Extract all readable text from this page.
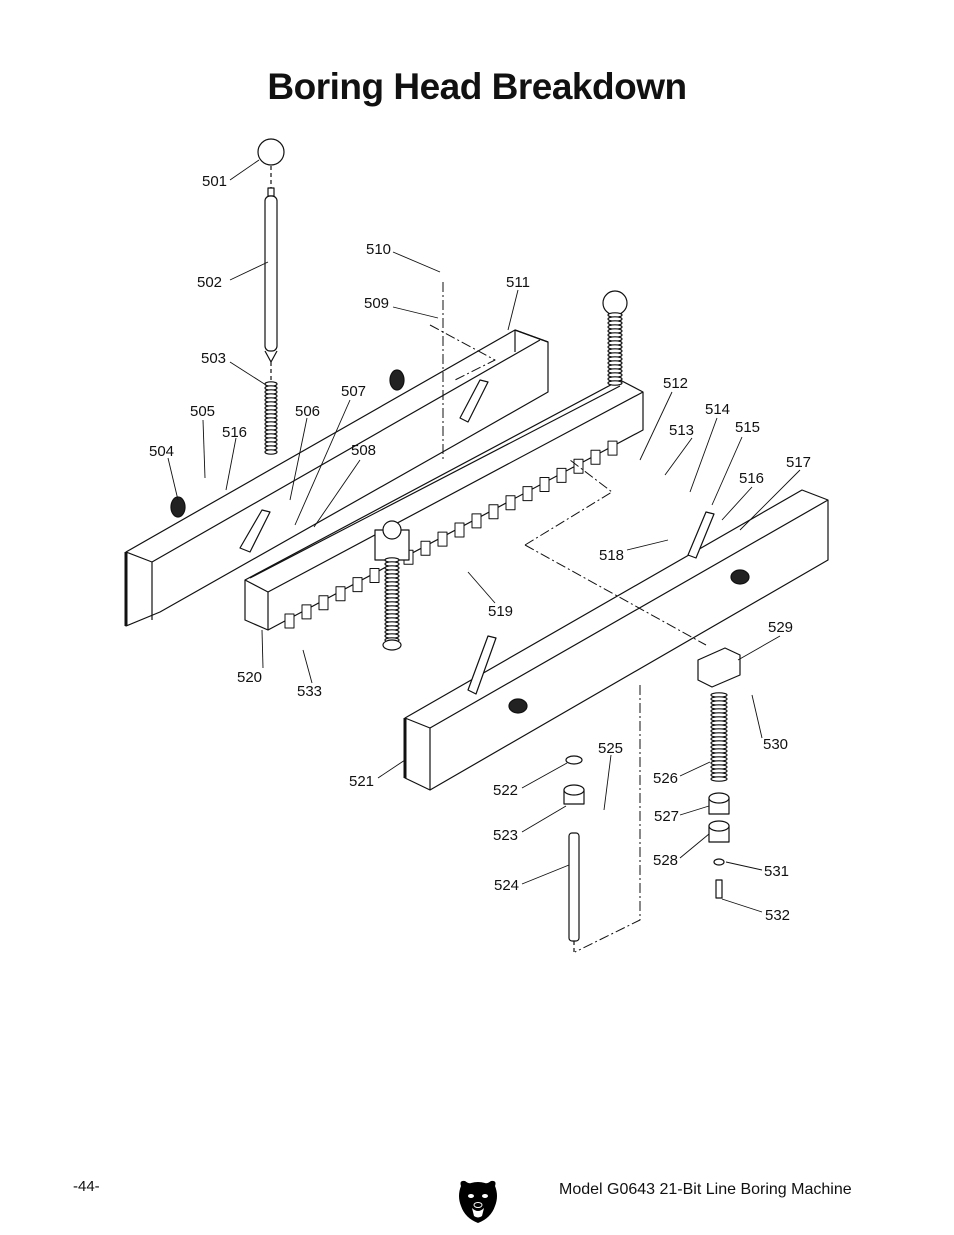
Boring Head Breakdown
501
502
503
504
505	506
507
508
509
510
511
512
513
514
515
516
516
517
518
519
520
521
522
523
524
525
526
527
528
529
530
531
532
533
-44-	Model G0643 21-Bit Line Boring Machine
